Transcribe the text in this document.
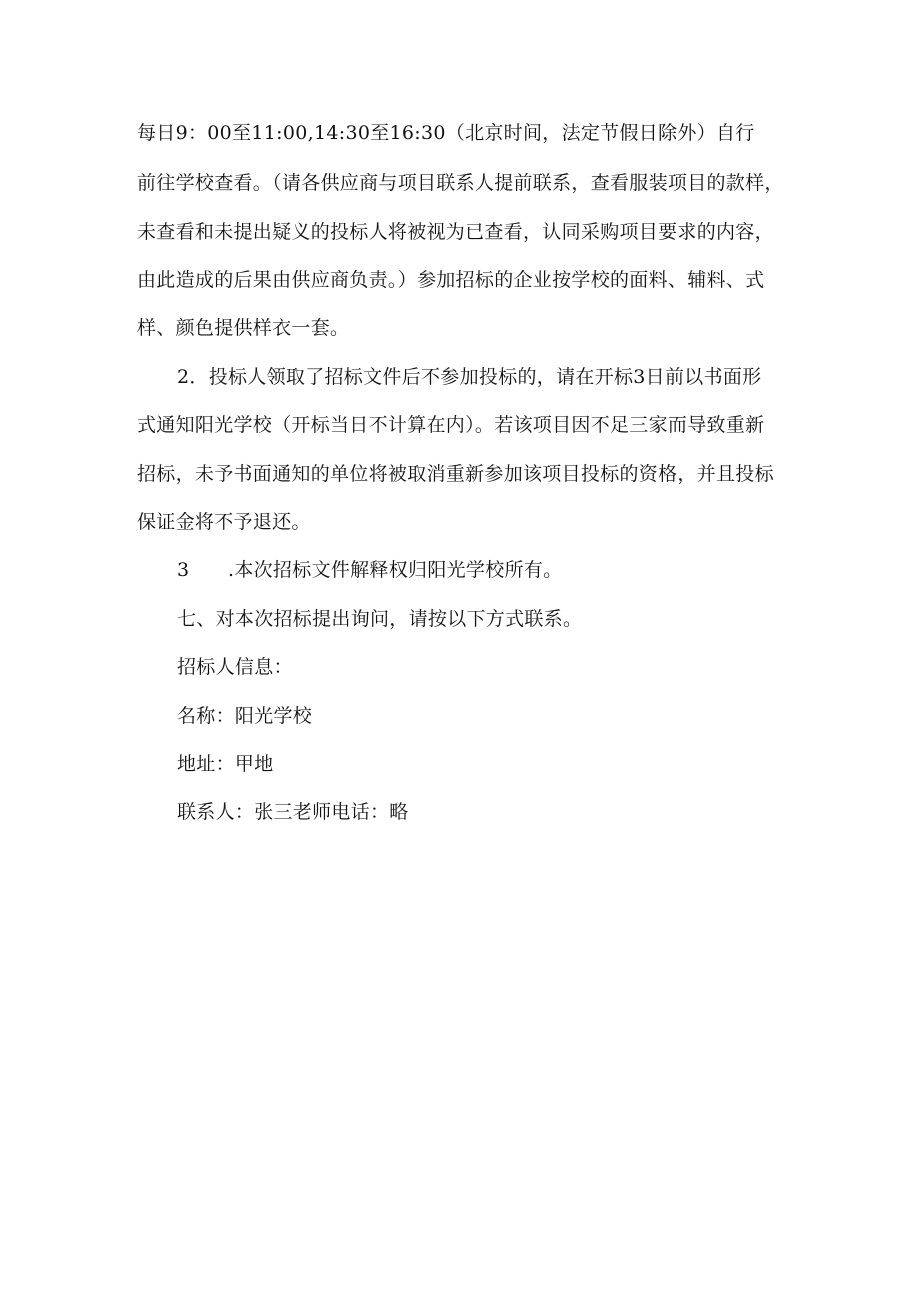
每日9：00至11:00,14:30至16:30（北京时间，法定节假日除外）自行
前往学校查看。（请各供应商与项目联系人提前联系，查看服装项目的款样，
未查看和未提出疑义的投标人将被视为已查看，认同采购项目要求的内容，
由此造成的后果由供应商负责。）参加招标的企业按学校的面料、辅料、式
样、颜色提供样衣一套。
2．投标人领取了招标文件后不参加投标的，请在开标3日前以书面形
式通知阳光学校（开标当日不计算在内）。若该项目因不足三家而导致重新
招标，未予书面通知的单位将被取消重新参加该项目投标的资格，并且投标
保证金将不予退还。
3　　.本次招标文件解释权归阳光学校所有。
七、对本次招标提出询问，请按以下方式联系。
招标人信息：
名称：阳光学校
地址：甲地
联系人：张三老师电话：略
